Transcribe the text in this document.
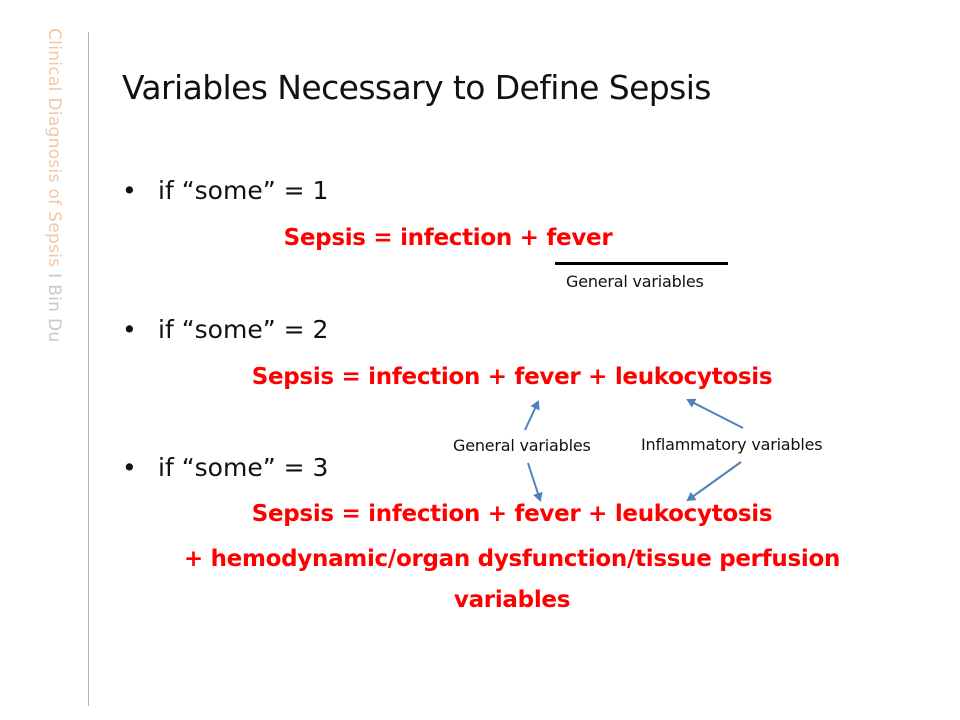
Clinical Diagnosis of Sepsis I Bin Du
Variables Necessary to Define Sepsis
• if “some” = 1
Sepsis = infection + fever
General variables
• if “some” = 2
Sepsis = infection + fever + leukocytosis
General variables	Inflammatory variables
• if “some” = 3
Sepsis = infection + fever + leukocytosis
+ hemodynamic/organ dysfunction/tissue perfusion
variables
